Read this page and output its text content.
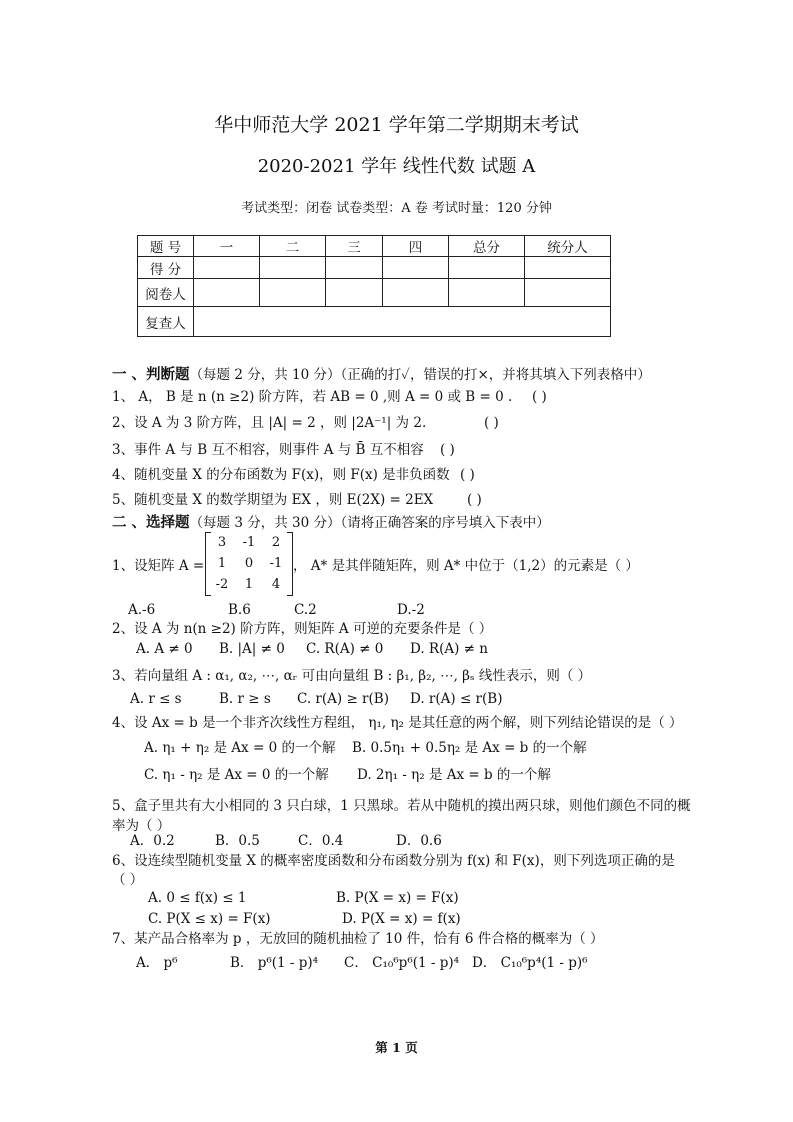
华中师范大学 2021 学年第二学期期末考试
2020-2021 学年 线性代数 试题 A
考试类型：闭卷 试卷类型：A 卷 考试时量：120 分钟
题 号	一	二	三	四	总分	统分人
得 分						
阅卷人						
复查人						
一 、判断题（每题 2 分，共 10 分）（正确的打✓，错误的打×，并将其填入下列表格中）
1、 A， B 是 n (n ≥2) 阶方阵，若 AB = 0 ,则 A = 0 或 B = 0 . ( )
2、设 A 为 3 阶方阵，且 |A| = 2 ，则 |2A⁻¹| 为 2.	( )
3、事件 A 与 B 互不相容，则事件 A 与 B̄ 互不相容 ( )
4、随机变量 X 的分布函数为 F(x)，则 F(x) 是非负函数 ( )
5、随机变量 X 的数学期望为 EX ，则 E(2X) = 2EX	( )
二 、选择题（每题 3 分，共 30 分）（请将正确答案的序号填入下表中）
1、设矩阵 A =
3	-1	2
1	0	-1
-2	1	4
， A* 是其伴随矩阵，则 A* 中位于（1,2）的元素是（ ）
A.-6	B.6	C.2	D.-2
2、设 A 为 n(n ≥2) 阶方阵，则矩阵 A 可逆的充要条件是（ ）
A. A ≠ 0 B. |A| ≠ 0 C. R(A) ≠ 0 D. R(A) ≠ n
3、若向量组 A : α₁, α₂, ⋯, αᵣ 可由向量组 B : β₁, β₂, ⋯, βₛ 线性表示，则（ ）
A. r ≤ s	B. r ≥ s C. r(A) ≥ r(B) D. r(A) ≤ r(B)
4、设 Ax = b 是一个非齐次线性方程组， η₁, η₂ 是其任意的两个解，则下列结论错误的是（ ）
A. η₁ + η₂ 是 Ax = 0 的一个解 B. 0.5η₁ + 0.5η₂ 是 Ax = b 的一个解
C. η₁ - η₂ 是 Ax = 0 的一个解 D. 2η₁ - η₂ 是 Ax = b 的一个解
5、盒子里共有大小相同的 3 只白球，1 只黑球。若从中随机的摸出两只球，则他们颜色不同的概
率为（ ）
A．0.2	B．0.5	C．0.4	D．0.6
6、设连续型随机变量 X 的概率密度函数和分布函数分别为 f(x) 和 F(x)，则下列选项正确的是
（ ）
A. 0 ≤ f(x) ≤ 1	B. P(X = x) = F(x)
C. P(X ≤ x) = F(x)	D. P(X = x) = f(x)
7、某产品合格率为 p ，无放回的随机抽检了 10 件，恰有 6 件合格的概率为（ ）
A． p⁶	B． p⁶(1 - p)⁴ C． C₁₀⁶p⁶(1 - p)⁴ D． C₁₀⁶p⁴(1 - p)⁶
第 1 页
